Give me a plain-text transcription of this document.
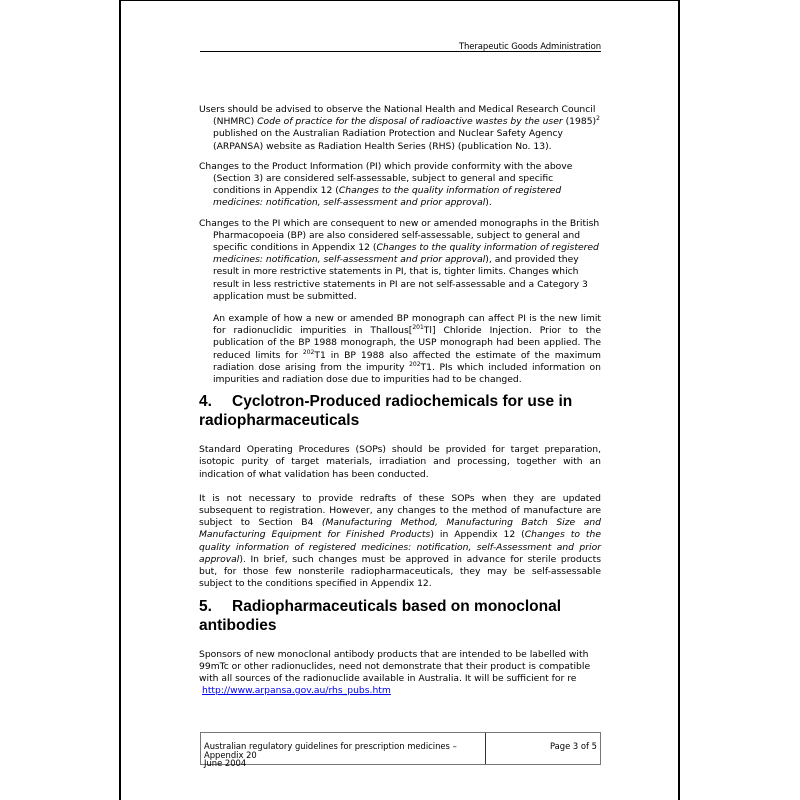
Therapeutic Goods Administration

Users should be advised to observe the National Health and Medical Research Council (NHMRC) Code of practice for the disposal of radioactive wastes by the user $(1985)^2$ published on the Australian Radiation Protection and Nuclear Safety Agency (ARPANSA) website as Radiation Health Series (RHS) (publication No. 13).

Changes to the Product Information (PI) which provide conformity with the above (Section 3) are considered self-assessable, subject to general and specific conditions in Appendix 12 (Changes to the quality information of registered medicines: notification, self-assessment and prior approval).

Changes to the PI which are consequent to new or amended monographs in the British Pharmacopoeia (BP) are also considered self-assessable, subject to general and specific conditions in Appendix 12 (Changes to the quality information of registered medicines: notification, self-assessment and prior approval), and provided they result in more restrictive statements in PI, that is, tighter limits. Changes which result in less restrictive statements in PI are not self-assessable and a Category 3 application must be submitted.

An example of how a new or amended BP monograph can affect PI is the new limit for radionuclidic impurities in Thallous[$^{201}$Tl] Chloride Injection. Prior to the publication of the BP 1988 monograph, the USP monograph had been applied. The reduced limits for $^{202}$T1 in BP 1988 also affected the estimate of the maximum radiation dose arising from the impurity $^{202}$T1. PIs which included information on impurities and radiation dose due to impurities had to be changed.

4. Cyclotron-Produced radiochemicals for use in radiopharmaceuticals

Standard Operating Procedures (SOPs) should be provided for target preparation, isotopic purity of target materials, irradiation and processing, together with an indication of what validation has been conducted.

It is not necessary to provide redrafts of these SOPs when they are updated subsequent to registration. However, any changes to the method of manufacture are subject to Section B4 (Manufacturing Method, Manufacturing Batch Size and Manufacturing Equipment for Finished Products) in Appendix 12 (Changes to the quality information of registered medicines: notification, self-Assessment and prior approval). In brief, such changes must be approved in advance for sterile products but, for those few nonsterile radiopharmaceuticals, they may be self-assessable subject to the conditions specified in Appendix 12.

5. Radiopharmaceuticals based on monoclonal antibodies

Sponsors of new monoclonal antibody products that are intended to be labelled with 99mTc or other radionuclides, need not demonstrate that their product is compatible with all sources of the radionuclide available in Australia. It will be sufficient for re

http://www.arpansa.gov.au/rhs_pubs.htm
Australian regulatory guidelines for prescription medicines –
Appendix 20
June 2004
Page 3 of 5
